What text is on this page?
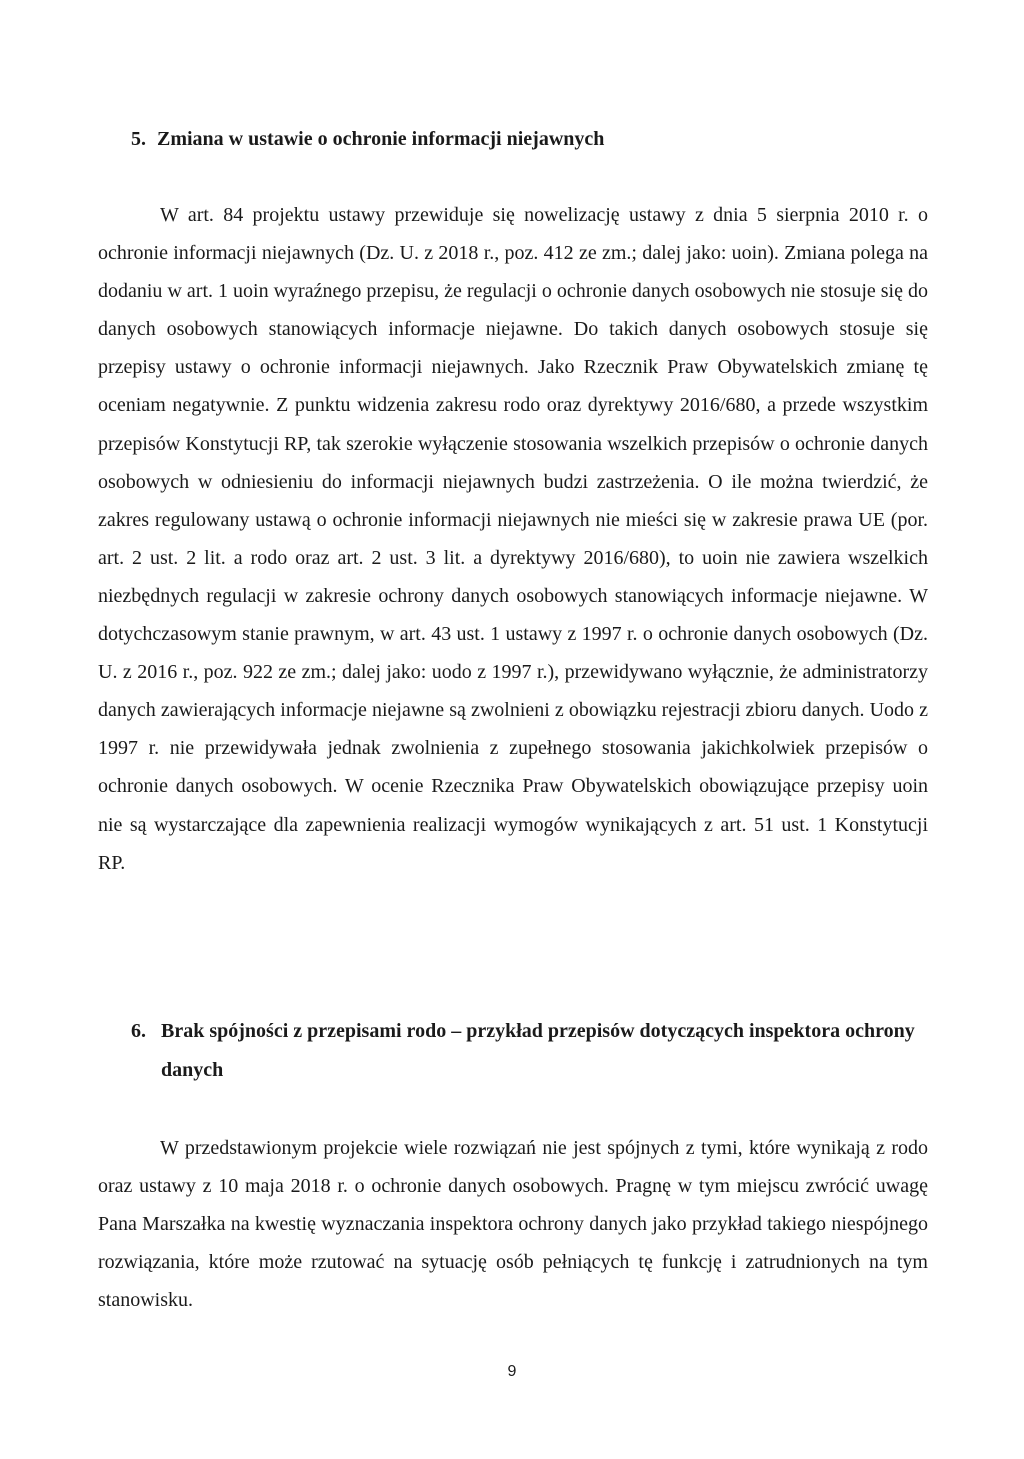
5. Zmiana w ustawie o ochronie informacji niejawnych

W art. 84 projektu ustawy przewiduje się nowelizację ustawy z dnia 5 sierpnia 2010 r. o ochronie informacji niejawnych (Dz. U. z 2018 r., poz. 412 ze zm.; dalej jako: uoin). Zmiana polega na dodaniu w art. 1 uoin wyraźnego przepisu, że regulacji o ochronie danych osobowych nie stosuje się do danych osobowych stanowiących informacje niejawne. Do takich danych osobowych stosuje się przepisy ustawy o ochronie informacji niejawnych. Jako Rzecznik Praw Obywatelskich zmianę tę oceniam negatywnie. Z punktu widzenia zakresu rodo oraz dyrektywy 2016/680, a przede wszystkim przepisów Konstytucji RP, tak szerokie wyłączenie stosowania wszelkich przepisów o ochronie danych osobowych w odniesieniu do informacji niejawnych budzi zastrzeżenia. O ile można twierdzić, że zakres regulowany ustawą o ochronie informacji niejawnych nie mieści się w zakresie prawa UE (por. art. 2 ust. 2 lit. a rodo oraz art. 2 ust. 3 lit. a dyrektywy 2016/680), to uoin nie zawiera wszelkich niezbędnych regulacji w zakresie ochrony danych osobowych stanowiących informacje niejawne. W dotychczasowym stanie prawnym, w art. 43 ust. 1 ustawy z 1997 r. o ochronie danych osobowych (Dz. U. z 2016 r., poz. 922 ze zm.; dalej jako: uodo z 1997 r.), przewidywano wyłącznie, że administratorzy danych zawierających informacje niejawne są zwolnieni z obowiązku rejestracji zbioru danych. Uodo z 1997 r. nie przewidywała jednak zwolnienia z zupełnego stosowania jakichkolwiek przepisów o ochronie danych osobowych. W ocenie Rzecznika Praw Obywatelskich obowiązujące przepisy uoin nie są wystarczające dla zapewnienia realizacji wymogów wynikających z art. 51 ust. 1 Konstytucji RP.

6. Brak spójności z przepisami rodo – przykład przepisów dotyczących inspektora ochrony danych

W przedstawionym projekcie wiele rozwiązań nie jest spójnych z tymi, które wynikają z rodo oraz ustawy z 10 maja 2018 r. o ochronie danych osobowych. Pragnę w tym miejscu zwrócić uwagę Pana Marszałka na kwestię wyznaczania inspektora ochrony danych jako przykład takiego niespójnego rozwiązania, które może rzutować na sytuację osób pełniących tę funkcję i zatrudnionych na tym stanowisku.

9
